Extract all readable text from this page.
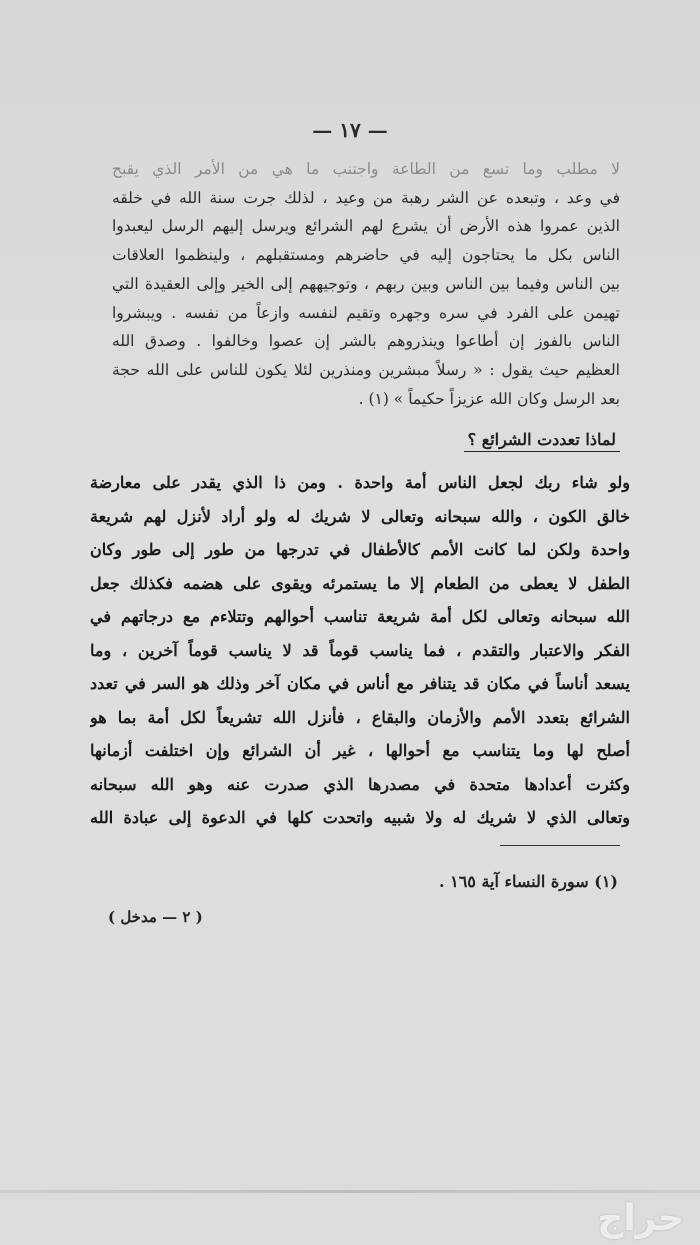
— ١٧ —
لا مطلب وما تسع من الطاعة واجتنب ما هي من الأمر الذي يقبح
في وعد ، وتبعده عن الشر رهبة من وعيد ، لذلك جرت سنة الله في خلقه
الذين عمروا هذه الأرض أن يشرع لهم الشرائع ويرسل إليهم الرسل ليعبدوا
الناس بكل ما يحتاجون إليه في حاضرهم ومستقبلهم ، ولينظموا العلاقات
بين الناس وفيما بين الناس وبين ربهم ، وتوجيههم إلى الخير وإلى العقيدة التي
تهيمن على الفرد في سره وجهره وتقيم لنفسه وازعاً من نفسه . ويبشروا
الناس بالفوز إن أطاعوا وينذروهم بالشر إن عصوا وخالفوا . وصدق الله
العظيم حيث يقول : « رسلاً مبشرين ومنذرين لئلا يكون للناس على الله حجة
بعد الرسل وكان الله عزيزاً حكيماً » (١) .
لماذا تعددت الشرائع ؟
ولو شاء ربك لجعل الناس أمة واحدة . ومن ذا الذي يقدر على معارضة
خالق الكون ، والله سبحانه وتعالى لا شريك له ولو أراد لأنزل لهم شريعة
واحدة ولكن لما كانت الأمم كالأطفال في تدرجها من طور إلى طور وكان
الطفل لا يعطى من الطعام إلا ما يستمرئه ويقوى على هضمه فكذلك جعل
الله سبحانه وتعالى لكل أمة شريعة تناسب أحوالهم وتتلاءم مع درجاتهم في
الفكر والاعتبار والتقدم ، فما يناسب قوماً قد لا يناسب قوماً آخرين ، وما
يسعد أناساً في مكان قد يتنافر مع أناس في مكان آخر وذلك هو السر في تعدد
الشرائع بتعدد الأمم والأزمان والبقاع ، فأنزل الله تشريعاً لكل أمة بما هو
أصلح لها وما يتناسب مع أحوالها ، غير أن الشرائع وإن اختلفت أزمانها
وكثرت أعدادها متحدة في مصدرها الذي صدرت عنه وهو الله سبحانه
وتعالى الذي لا شريك له ولا شبيه واتحدت كلها في الدعوة إلى عبادة الله
(١) سورة النساء آية ١٦٥ .
( ٢ — مدخل )
حراج
